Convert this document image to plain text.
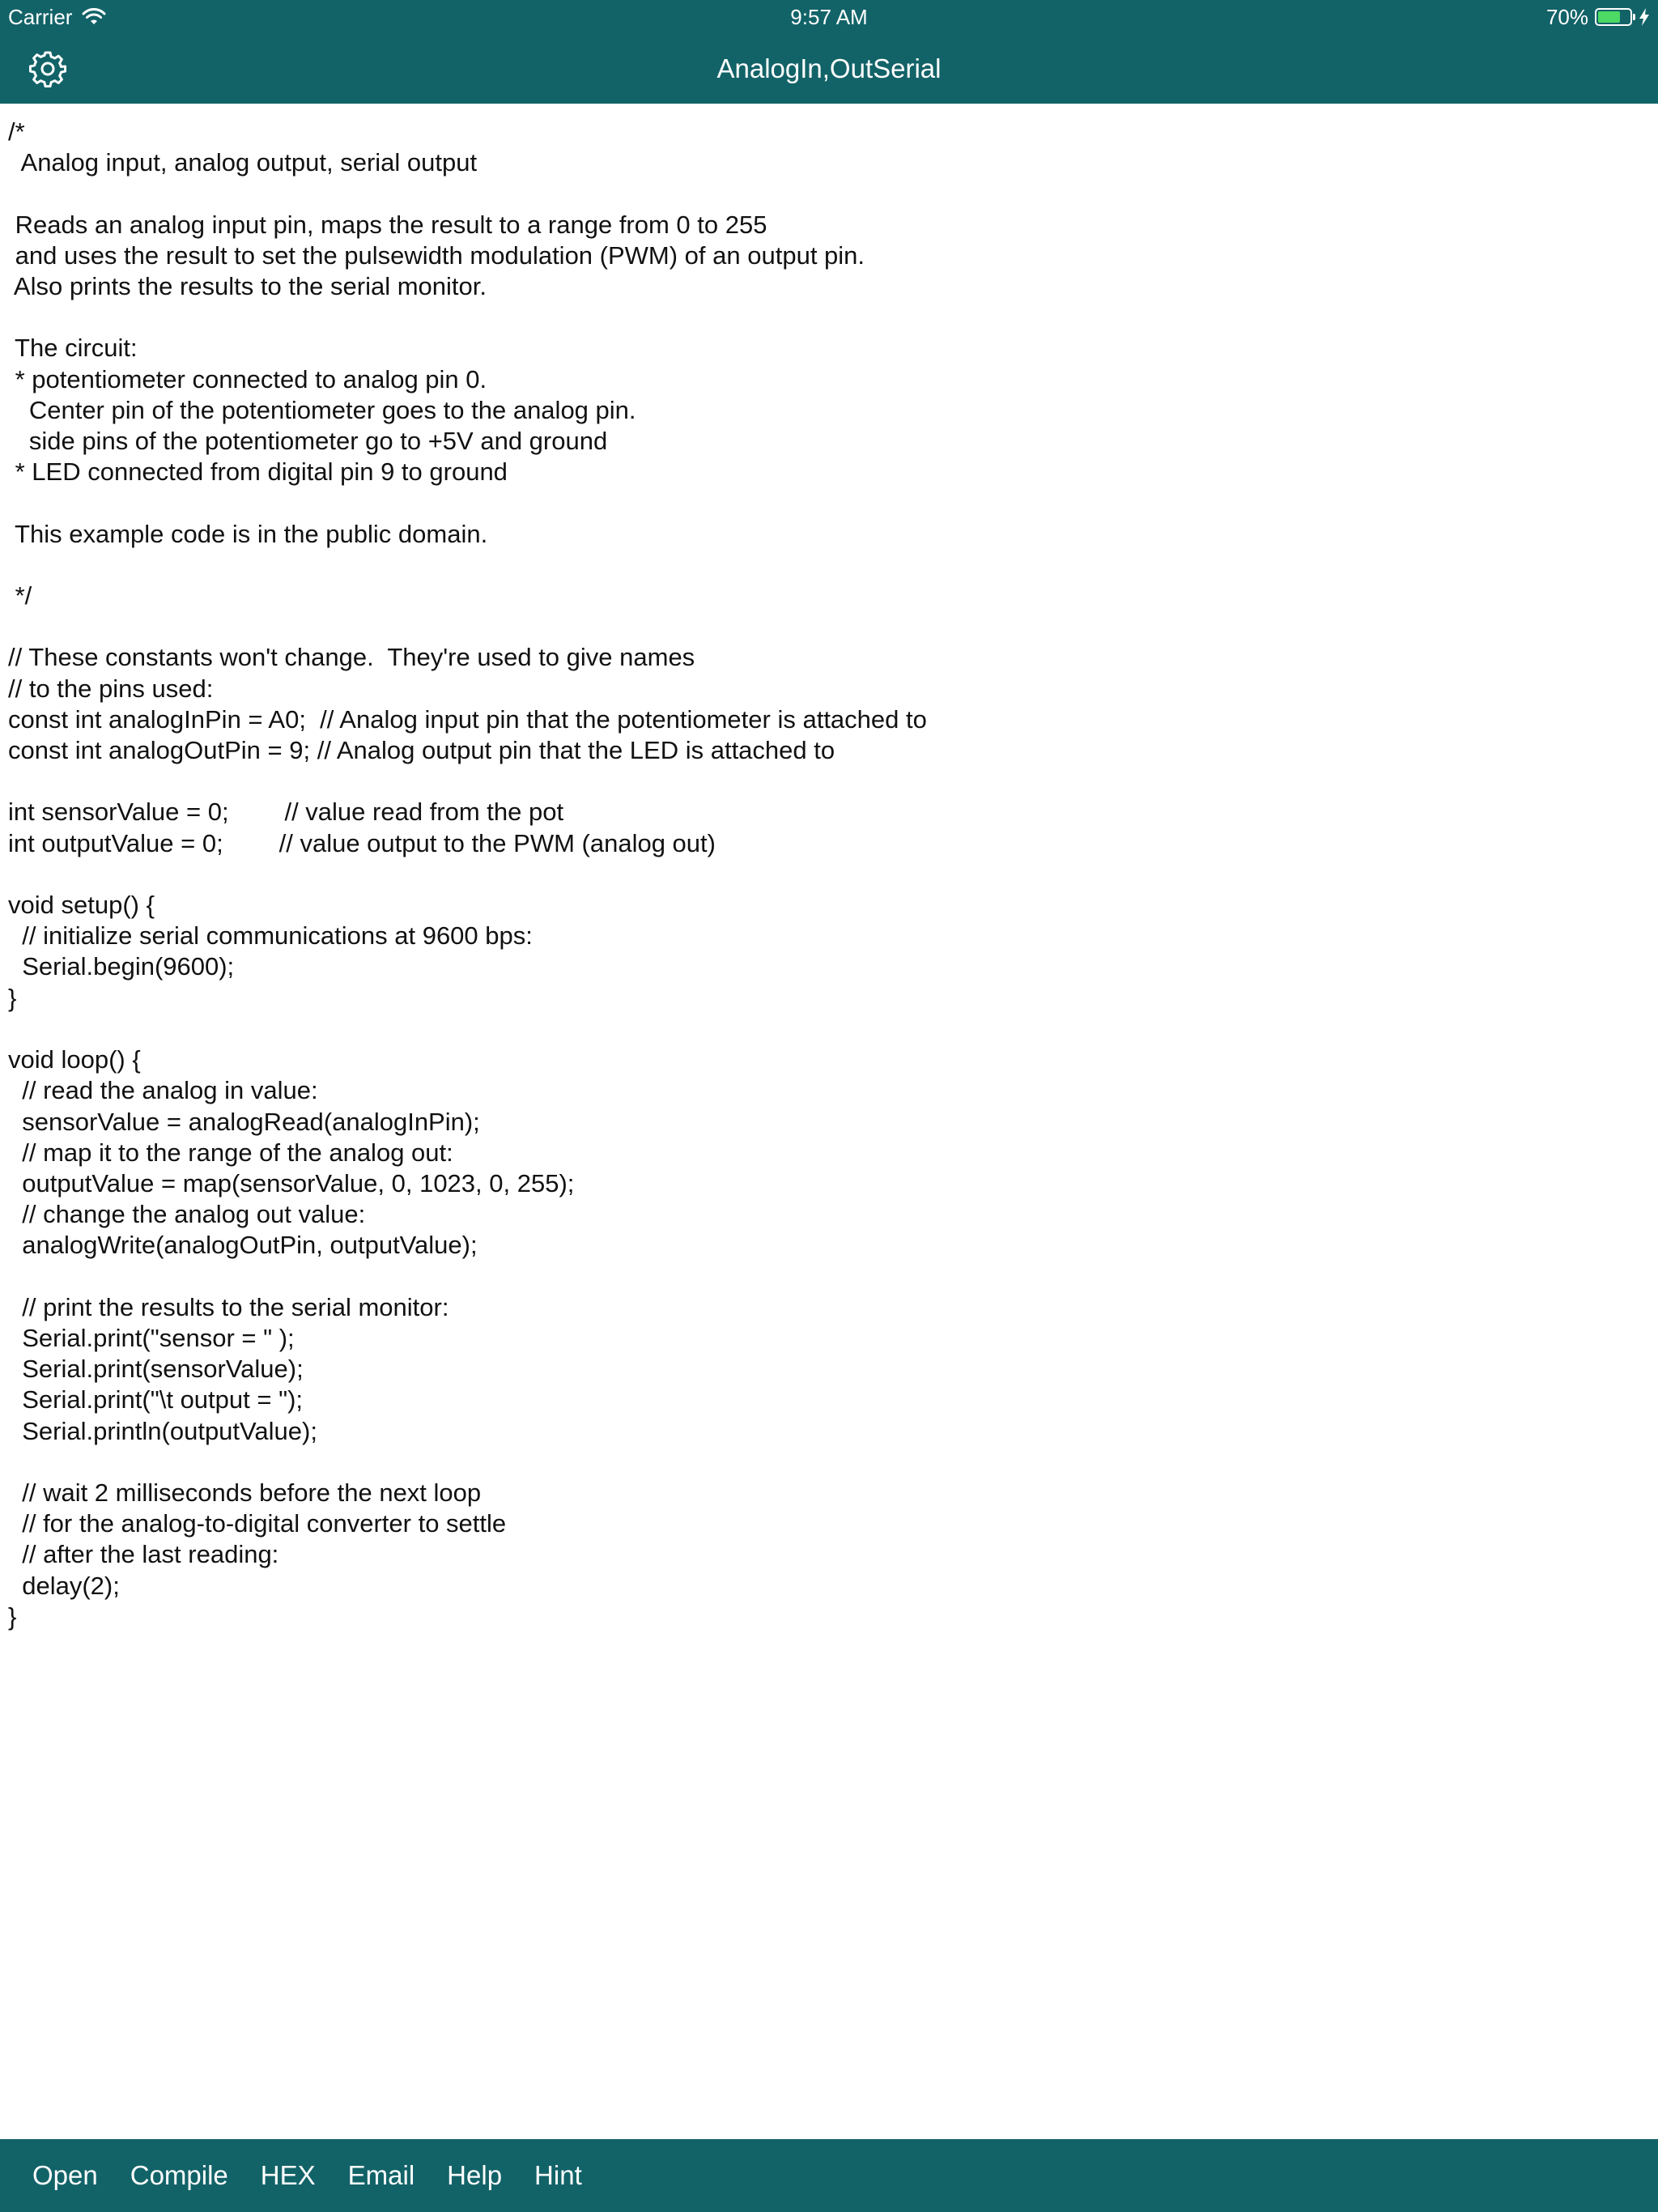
Carrier	9:57 AM	70%
AnalogIn,OutSerial
/*
Analog input, analog output, serial output

Reads an analog input pin, maps the result to a range from 0 to 255
and uses the result to set the pulsewidth modulation (PWM) of an output pin.
Also prints the results to the serial monitor.

The circuit:
* potentiometer connected to analog pin 0.
Center pin of the potentiometer goes to the analog pin.
side pins of the potentiometer go to +5V and ground
* LED connected from digital pin 9 to ground

This example code is in the public domain.

*/

// These constants won't change.  They're used to give names
// to the pins used:
const int analogInPin = A0;  // Analog input pin that the potentiometer is attached to
const int analogOutPin = 9; // Analog output pin that the LED is attached to

int sensorValue = 0;        // value read from the pot
int outputValue = 0;        // value output to the PWM (analog out)

void setup() {
// initialize serial communications at 9600 bps:
Serial.begin(9600);
}

void loop() {
// read the analog in value:
sensorValue = analogRead(analogInPin);
// map it to the range of the analog out:
outputValue = map(sensorValue, 0, 1023, 0, 255);
// change the analog out value:
analogWrite(analogOutPin, outputValue);

// print the results to the serial monitor:
Serial.print("sensor = " );
Serial.print(sensorValue);
Serial.print("\t output = ");
Serial.println(outputValue);

// wait 2 milliseconds before the next loop
// for the analog-to-digital converter to settle
// after the last reading:
delay(2);
}
Open Compile HEX Email Help Hint
